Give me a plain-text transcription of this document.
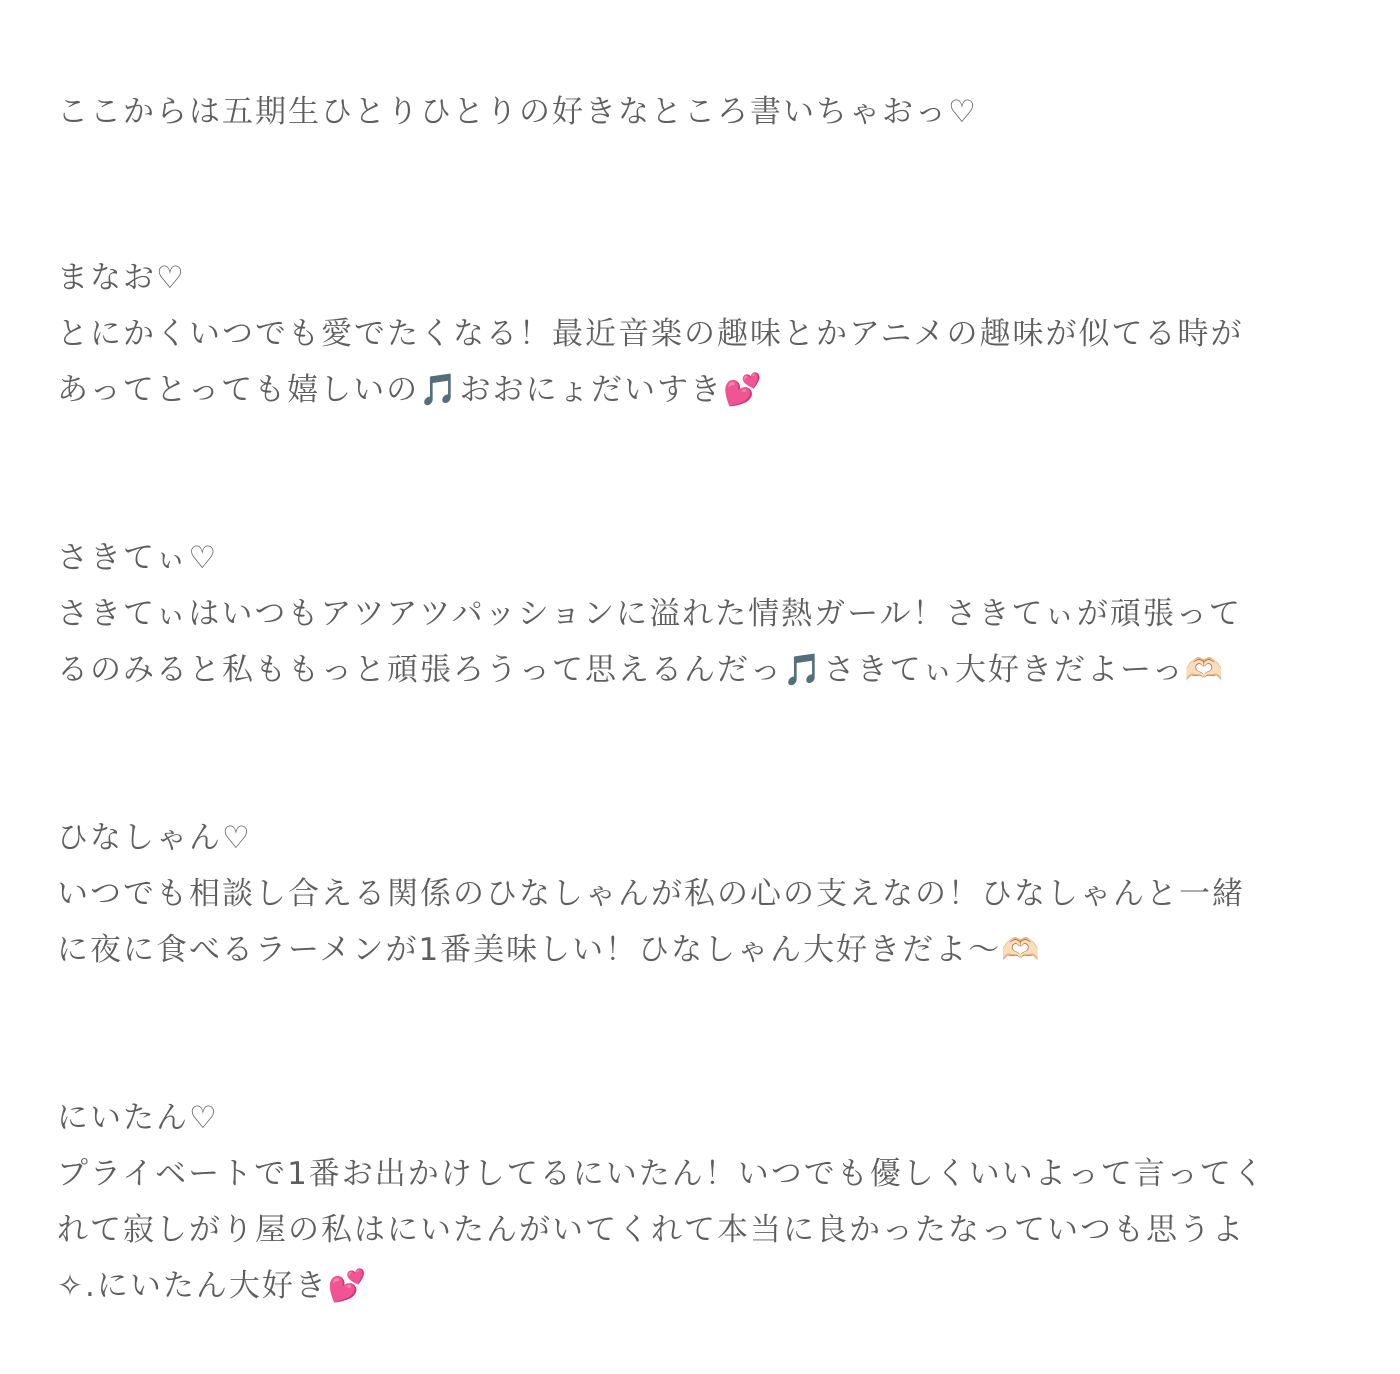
ここからは五期生ひとりひとりの好きなところ書いちゃおっ♡
まなお♡
とにかくいつでも愛でたくなる！最近音楽の趣味とかアニメの趣味が似てる時が
あってとっても嬉しいの🎵おおにょだいすき💕
さきてぃ♡
さきてぃはいつもアツアツパッションに溢れた情熱ガール！さきてぃが頑張って
るのみると私ももっと頑張ろうって思えるんだっ🎵さきてぃ大好きだよーっ🫶🏻
ひなしゃん♡
いつでも相談し合える関係のひなしゃんが私の心の支えなの！ひなしゃんと一緒
に夜に食べるラーメンが1番美味しい！ひなしゃん大好きだよ〜🫶🏻
にいたん♡
プライベートで1番お出かけしてるにいたん！いつでも優しくいいよって言ってく
れて寂しがり屋の私はにいたんがいてくれて本当に良かったなっていつも思うよ
✧.にいたん大好き💕
